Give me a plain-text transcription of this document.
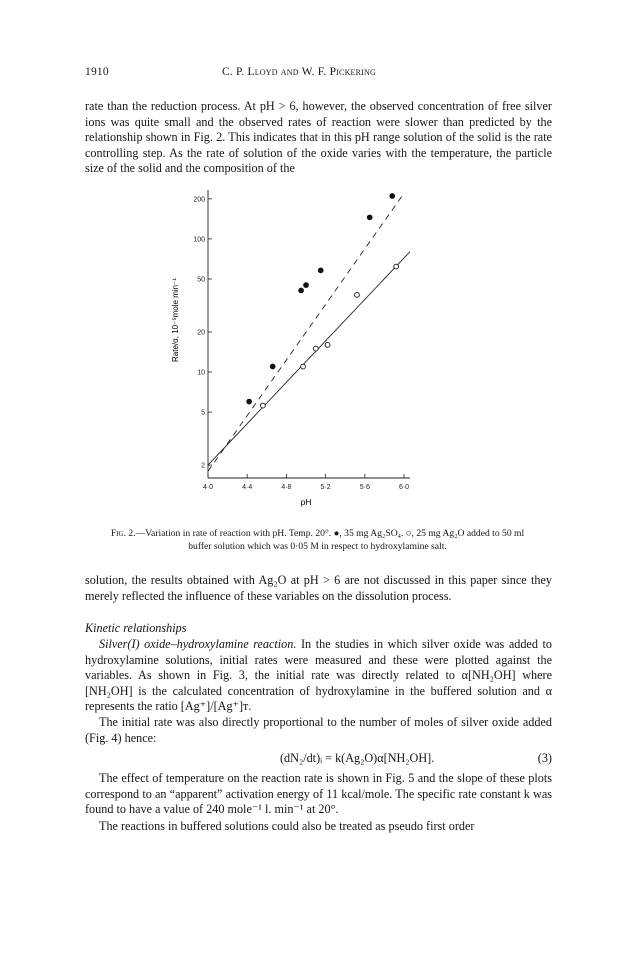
1910	C. P. Lloyd and W. F. Pickering

rate than the reduction process. At pH > 6, however, the observed concentration of free silver ions was quite small and the observed rates of reaction were slower than predicted by the relationship shown in Fig. 2. This indicates that in this pH range solution of the solid is the rate controlling step. As the rate of solution of the oxide varies with the temperature, the particle size of the solid and the composition of the

4·0	4·4	4·8	5·2	5·6	6·0
2
5
10
20
50
100
200
pH
Rate/α, 10⁻⁵mole min⁻¹

Fig. 2.—Variation in rate of reaction with pH. Temp. 20°. ●, 35 mg Ag₂SO₄. ○, 25 mg Ag₂O added to 50 ml buffer solution which was 0·05 M in respect to hydroxylamine salt.

solution, the results obtained with Ag₂O at pH > 6 are not discussed in this paper since they merely reflected the influence of these variables on the dissolution process.

Kinetic relationships

Silver(I) oxide–hydroxylamine reaction. In the studies in which silver oxide was added to hydroxylamine solutions, initial rates were measured and these were plotted against the variables. As shown in Fig. 3, the initial rate was directly related to α[NH₂OH] where [NH₂OH] is the calculated concentration of hydroxylamine in the buffered solution and α represents the ratio [Ag⁺]/[Ag⁺]ᴛ.

The initial rate was also directly proportional to the number of moles of silver oxide added (Fig. 4) hence:

(dN₂/dt)ᵢ = k(Ag₂O)α[NH₂OH].	(3)

The effect of temperature on the reaction rate is shown in Fig. 5 and the slope of these plots correspond to an “apparent” activation energy of 11 kcal/mole. The specific rate constant k was found to have a value of 240 mole⁻¹ l. min⁻¹ at 20°.

The reactions in buffered solutions could also be treated as pseudo first order
